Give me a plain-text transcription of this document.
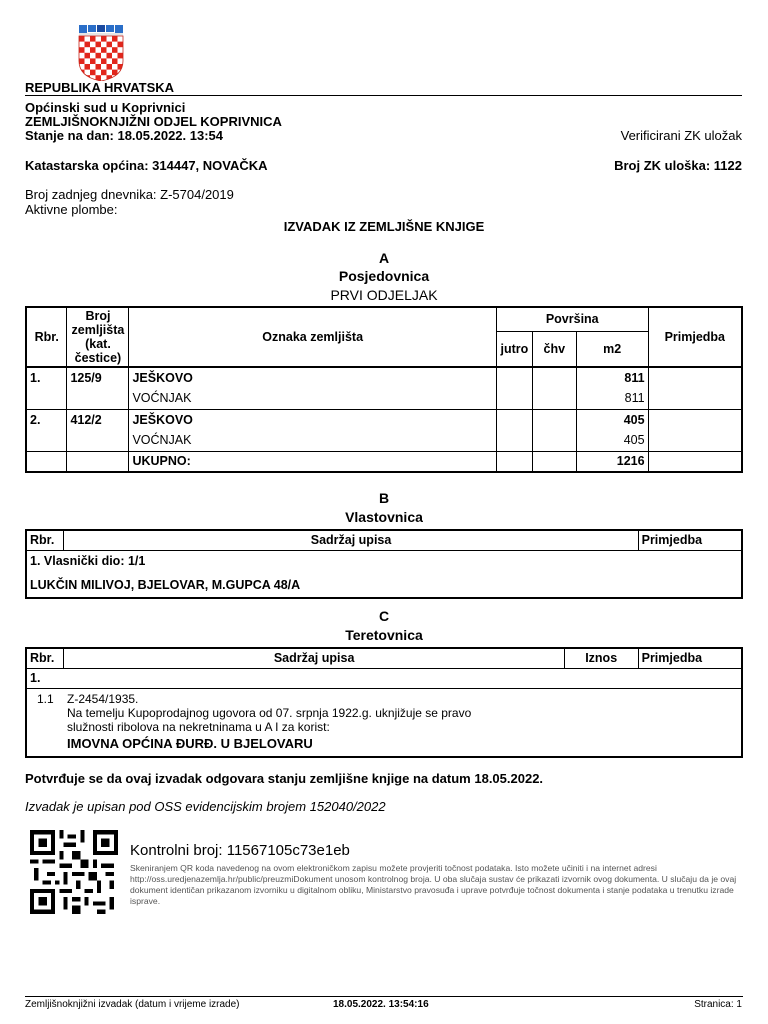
REPUBLIKA HRVATSKA
Općinski sud u Koprivnici
ZEMLJIŠNOKNJIŽNI ODJEL KOPRIVNICA
Stanje na dan: 18.05.2022. 13:54	Verificirani ZK uložak
Katastarska općina: 314447, NOVAČKA	Broj ZK uloška: 1122
Broj zadnjeg dnevnika: Z-5704/2019
Aktivne plombe:
IZVADAK IZ ZEMLJIŠNE KNJIGE
A
Posjedovnica
PRVI ODJELJAK
Rbr.	Broj zemljišta (kat. čestice)	Oznaka zemljišta	Površina			Primjedba
			jutro	čhv	m2	
1.	125/9	JEŠKOVO			811	
		VOĆNJAK			811	
2.	412/2	JEŠKOVO			405	
		VOĆNJAK			405	
		UKUPNO:			1216	
B
Vlastovnica
Rbr.	Sadržaj upisa	Primjedba
1. Vlasnički dio: 1/1
LUKČIN MILIVOJ, BJELOVAR, M.GUPCA 48/A
C
Teretovnica
Rbr.	Sadržaj upisa	Iznos	Primjedba
1.

1.1 Z-2454/1935.
Na temelju Kupoprodajnog ugovora od 07. srpnja 1922.g. uknjižuje se pravo
služnosti ribolova na nekretninama u A I za korist:
IMOVNA OPĆINA ĐURĐ. U BJELOVARU
Potvrđuje se da ovaj izvadak odgovara stanju zemljišne knjige na datum 18.05.2022.
Izvadak je upisan pod OSS evidencijskim brojem 152040/2022
Kontrolni broj: 11567105c73e1eb
Skeniranjem QR koda navedenog na ovom elektroničkom zapisu možete provjeriti točnost podataka. Isto možete učiniti i na internet adresi http://oss.uredjenazemlja.hr/public/preuzmiDokument unosom kontrolnog broja. U oba slučaja sustav će prikazati izvornik ovog dokumenta. U slučaju da je ovaj dokument identičan prikazanom izvorniku u digitalnom obliku, Ministarstvo pravosuđa i uprave potvrđuje točnost dokumenta i stanje podataka u trenutku izrade isprave.
Zemljišnoknjižni izvadak (datum i vrijeme izrade)	18.05.2022. 13:54:16	Stranica: 1
